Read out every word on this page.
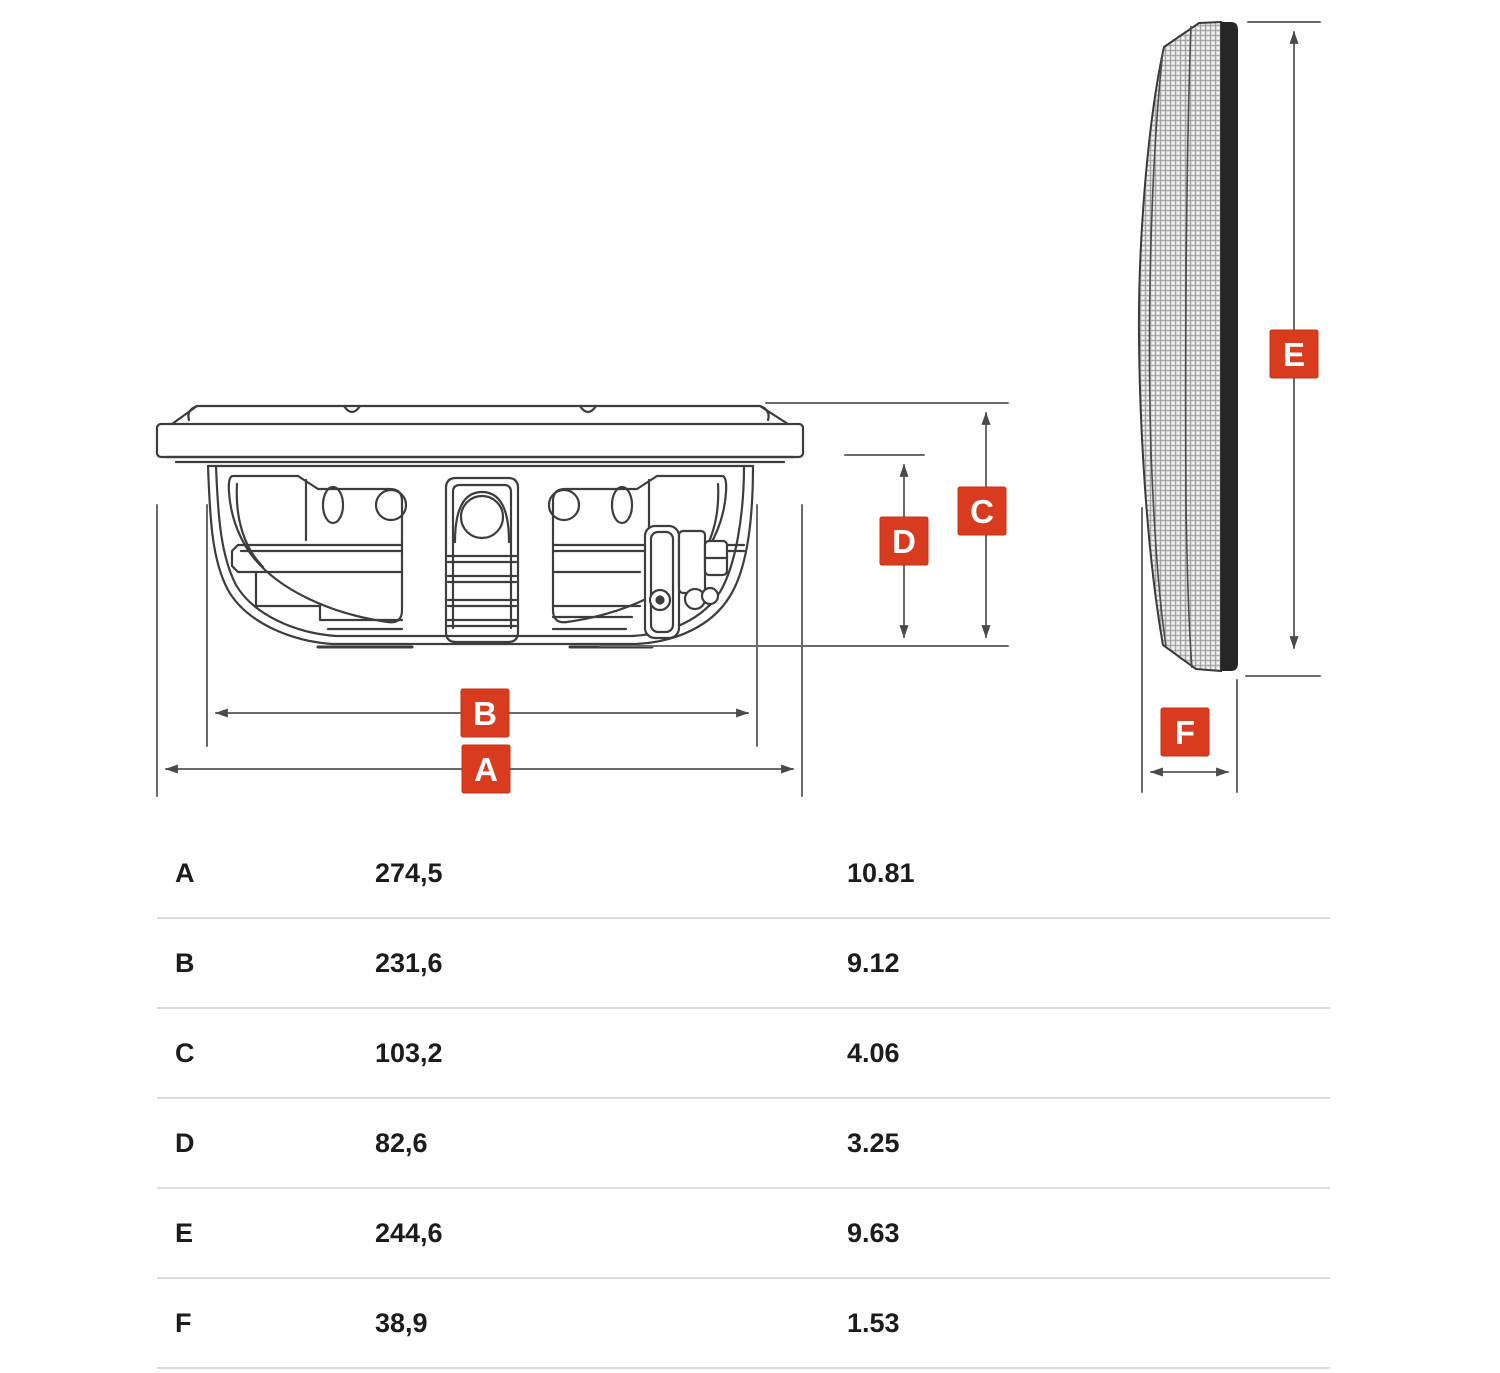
B
A
C
D
E
F
A	274,5	10.81
B	231,6	9.12
C	103,2	4.06
D	82,6	3.25
E	244,6	9.63
F	38,9	1.53
